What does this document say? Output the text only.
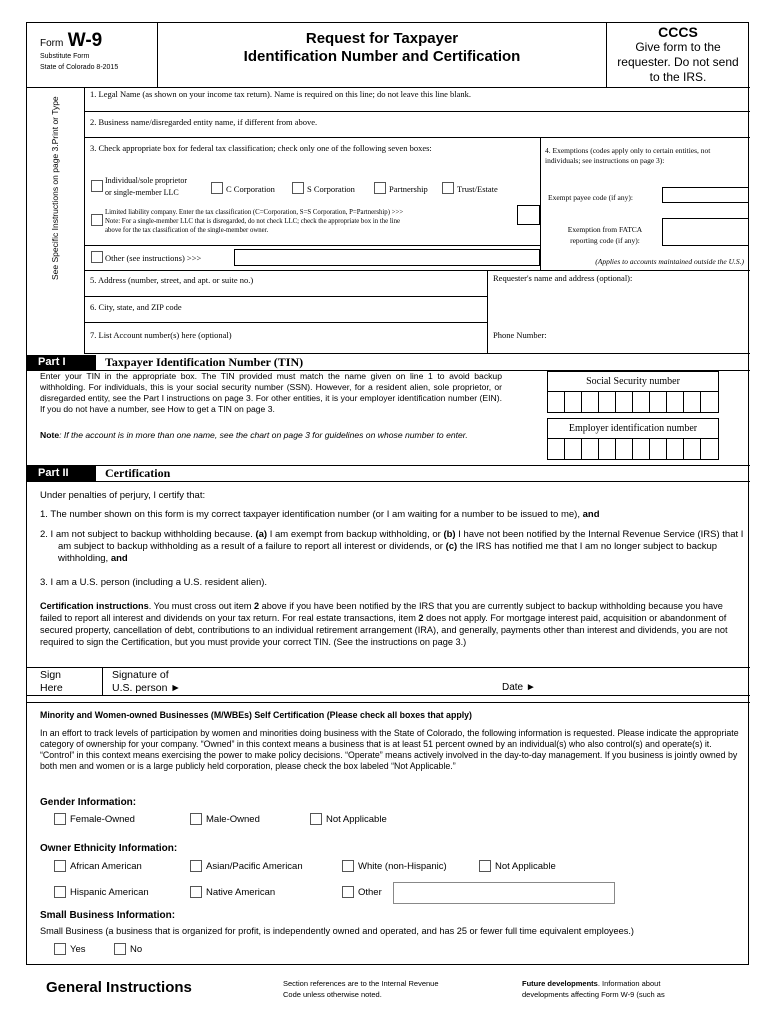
Form W-9
Substitute Form
State of Colorado 8-2015
Request for Taxpayer
Identification Number and Certification
CCCS
Give form to the requester. Do not send to the IRS.
See Specific Instructions on page 3.Print or Type
1. Legal Name (as shown on your income tax return). Name is required on this line; do not leave this line blank.
2. Business name/disregarded entity name, if different from above.
3. Check appropriate box for federal tax classification; check only one of the following seven boxes:
Individual/sole proprietor
or single-member LLC	C Corporation	S Corporation	Partnership	Trust/Estate
Limited liability company. Enter the tax classification (C=Corporation, S=S Corporation, P=Partnership) >>>
Note: For a single-member LLC that is disregarded, do not check LLC; check the appropriate box in the line
above for the tax classification of the single-member owner.
Other (see instructions) >>>
4. Exemptions (codes apply only to certain entities, not individuals; see instructions on page 3):
Exempt payee code (if any):
Exemption from FATCA
reporting code (if any):
(Applies to accounts maintained outside the U.S.)
5. Address (number, street, and apt. or suite no.)	Requester's name and address (optional):
6. City, state, and ZIP code
7. List Account number(s) here (optional)	Phone Number:
Part I	Taxpayer Identification Number (TIN)
Enter your TIN in the appropriate box. The TIN provided must match the name given on line 1 to avoid backup withholding. For individuals, this is your social security number (SSN). However, for a resident alien, sole proprietor, or disregarded entity, see the Part I instructions on page 3. For other entities, it is your employer identification number (EIN). If you do not have a number, see How to get a TIN on page 3.
Note: If the account is in more than one name, see the chart on page 3 for guidelines on whose number to enter.
Social Security number
Employer identification number
Part II	Certification
Under penalties of perjury, I certify that:
1. The number shown on this form is my correct taxpayer identification number (or I am waiting for a number to be issued to me), and
2. I am not subject to backup withholding because. (a) I am exempt from backup withholding, or (b) I have not been notified by the Internal Revenue Service (IRS) that I am subject to backup withholding as a result of a failure to report all interest or dividends, or (c) the IRS has notified me that I am no longer subject to backup withholding, and
3. I am a U.S. person (including a U.S. resident alien).
Certification instructions. You must cross out item 2 above if you have been notified by the IRS that you are currently subject to backup withholding because you have failed to report all interest and dividends on your tax return. For real estate transactions, item 2 does not apply. For mortgage interest paid, acquisition or abandonment of secured property, cancellation of debt, contributions to an individual retirement arrangement (IRA), and generally, payments other than interest and dividends, you are not required to sign the Certification, but you must provide your correct TIN. (See the instructions on page 3.)
Sign
Here
Signature of
U.S. person ►	Date ►
Minority and Women-owned Businesses (M/WBEs) Self Certification (Please check all boxes that apply)
In an effort to track levels of participation by women and minorities doing business with the State of Colorado, the following information is requested. Please indicate the appropriate category of ownership for your company. “Owned” in this context means a business that is at least 51 percent owned by an individual(s) who also control(s) and operate(s) it. “Control” in this context means exercising the power to make policy decisions. “Operate” means actively involved in the day-to-day management. If you business is jointly owned by both men and women or is a large publicly held corporation, please check the box labeled “Not Applicable.”
Gender Information:
Female-Owned	Male-Owned	Not Applicable
Owner Ethnicity Information:
African American	Asian/Pacific American	White (non-Hispanic)	Not Applicable
Hispanic American	Native American	Other
Small Business Information:
Small Business (a business that is organized for profit, is independently owned and operated, and has 25 or fewer full time equivalent employees.)
Yes	No
General Instructions	Section references are to the Internal Revenue
Code unless otherwise noted.
Future developments. Information about
developments affecting Form W-9 (such as
